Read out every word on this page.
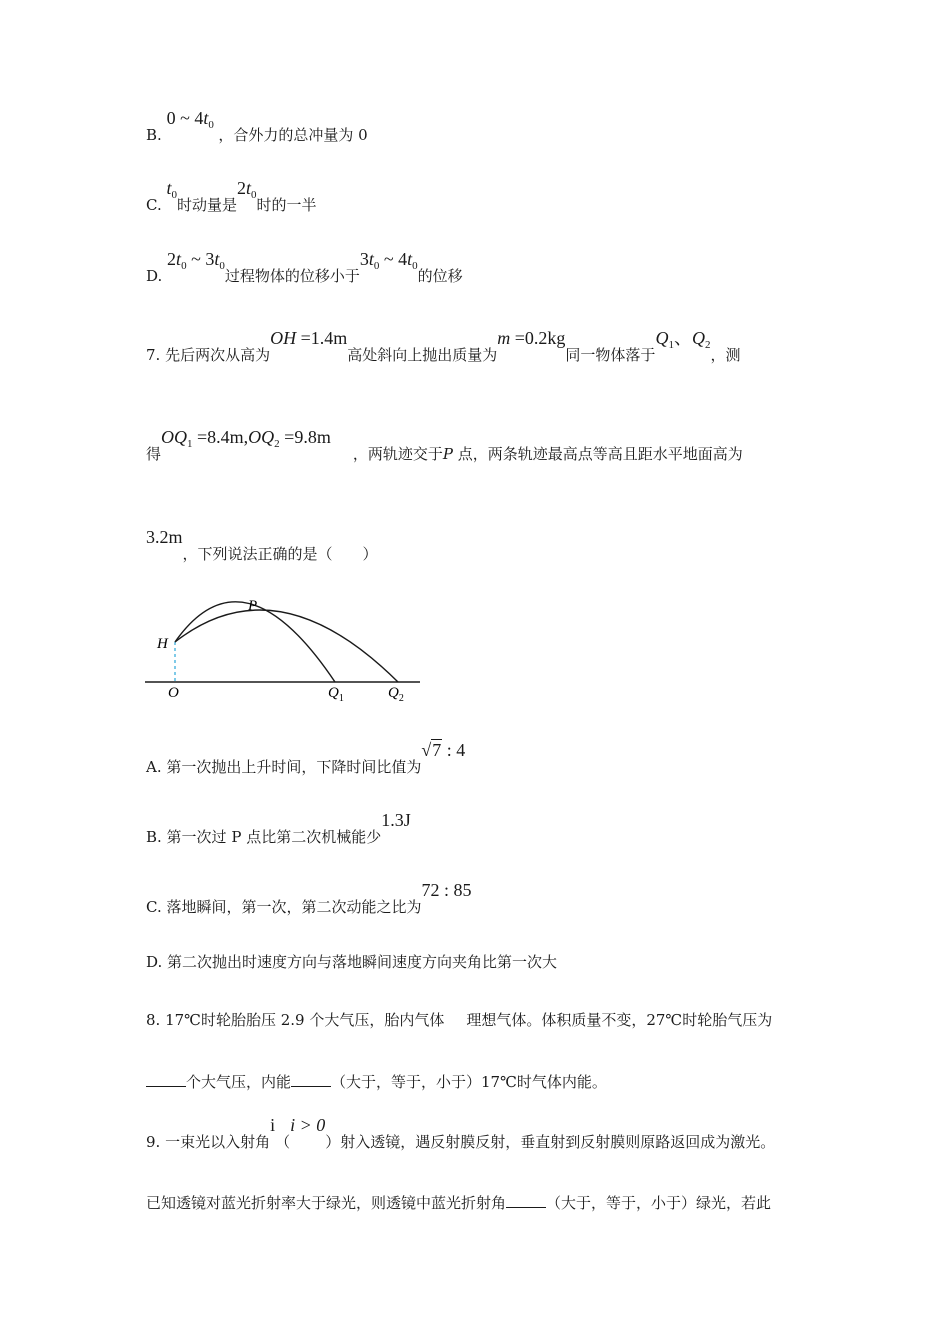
B. 0 ~ $4t_0$ ，合外力的总冲量为 0
C. $t_0$时动量是$2t_0$时的一半
D. $2t_0$ ~ $3t_0$过程物体的位移小于$3t_0$ ~ $4t_0$的位移
7. 先后两次从高为OH =1.4m高处斜向上抛出质量为m =0.2kg同一物体落于$Q_1$、$Q_2$，测
得$OQ_1 =8.4m,OQ_2 =9.8m$，两轨迹交于P 点，两条轨迹最高点等高且距水平地面高为
3.2m，下列说法正确的是（　　）
H
P
O	$Q_1$	$Q_2$
A. 第一次抛出上升时间，下降时间比值为√7 : 4
B. 第一次过 P 点比第二次机械能少1.3J
C. 落地瞬间，第一次，第二次动能之比为72 : 85
D. 第二次抛出时速度方向与落地瞬间速度方向夹角比第一次大
8. 17℃时轮胎胎压 2.9 个大气压，胎内气体 理想气体。体积质量不变，27℃时轮胎气压为
个大气压，内能	（大于，等于，小于）17℃时气体内能。
9. 一束光以入射角i（i > 0）射入透镜，遇反射膜反射，垂直射到反射膜则原路返回成为激光。
已知透镜对蓝光折射率大于绿光，则透镜中蓝光折射角	（大于，等于，小于）绿光，若此
